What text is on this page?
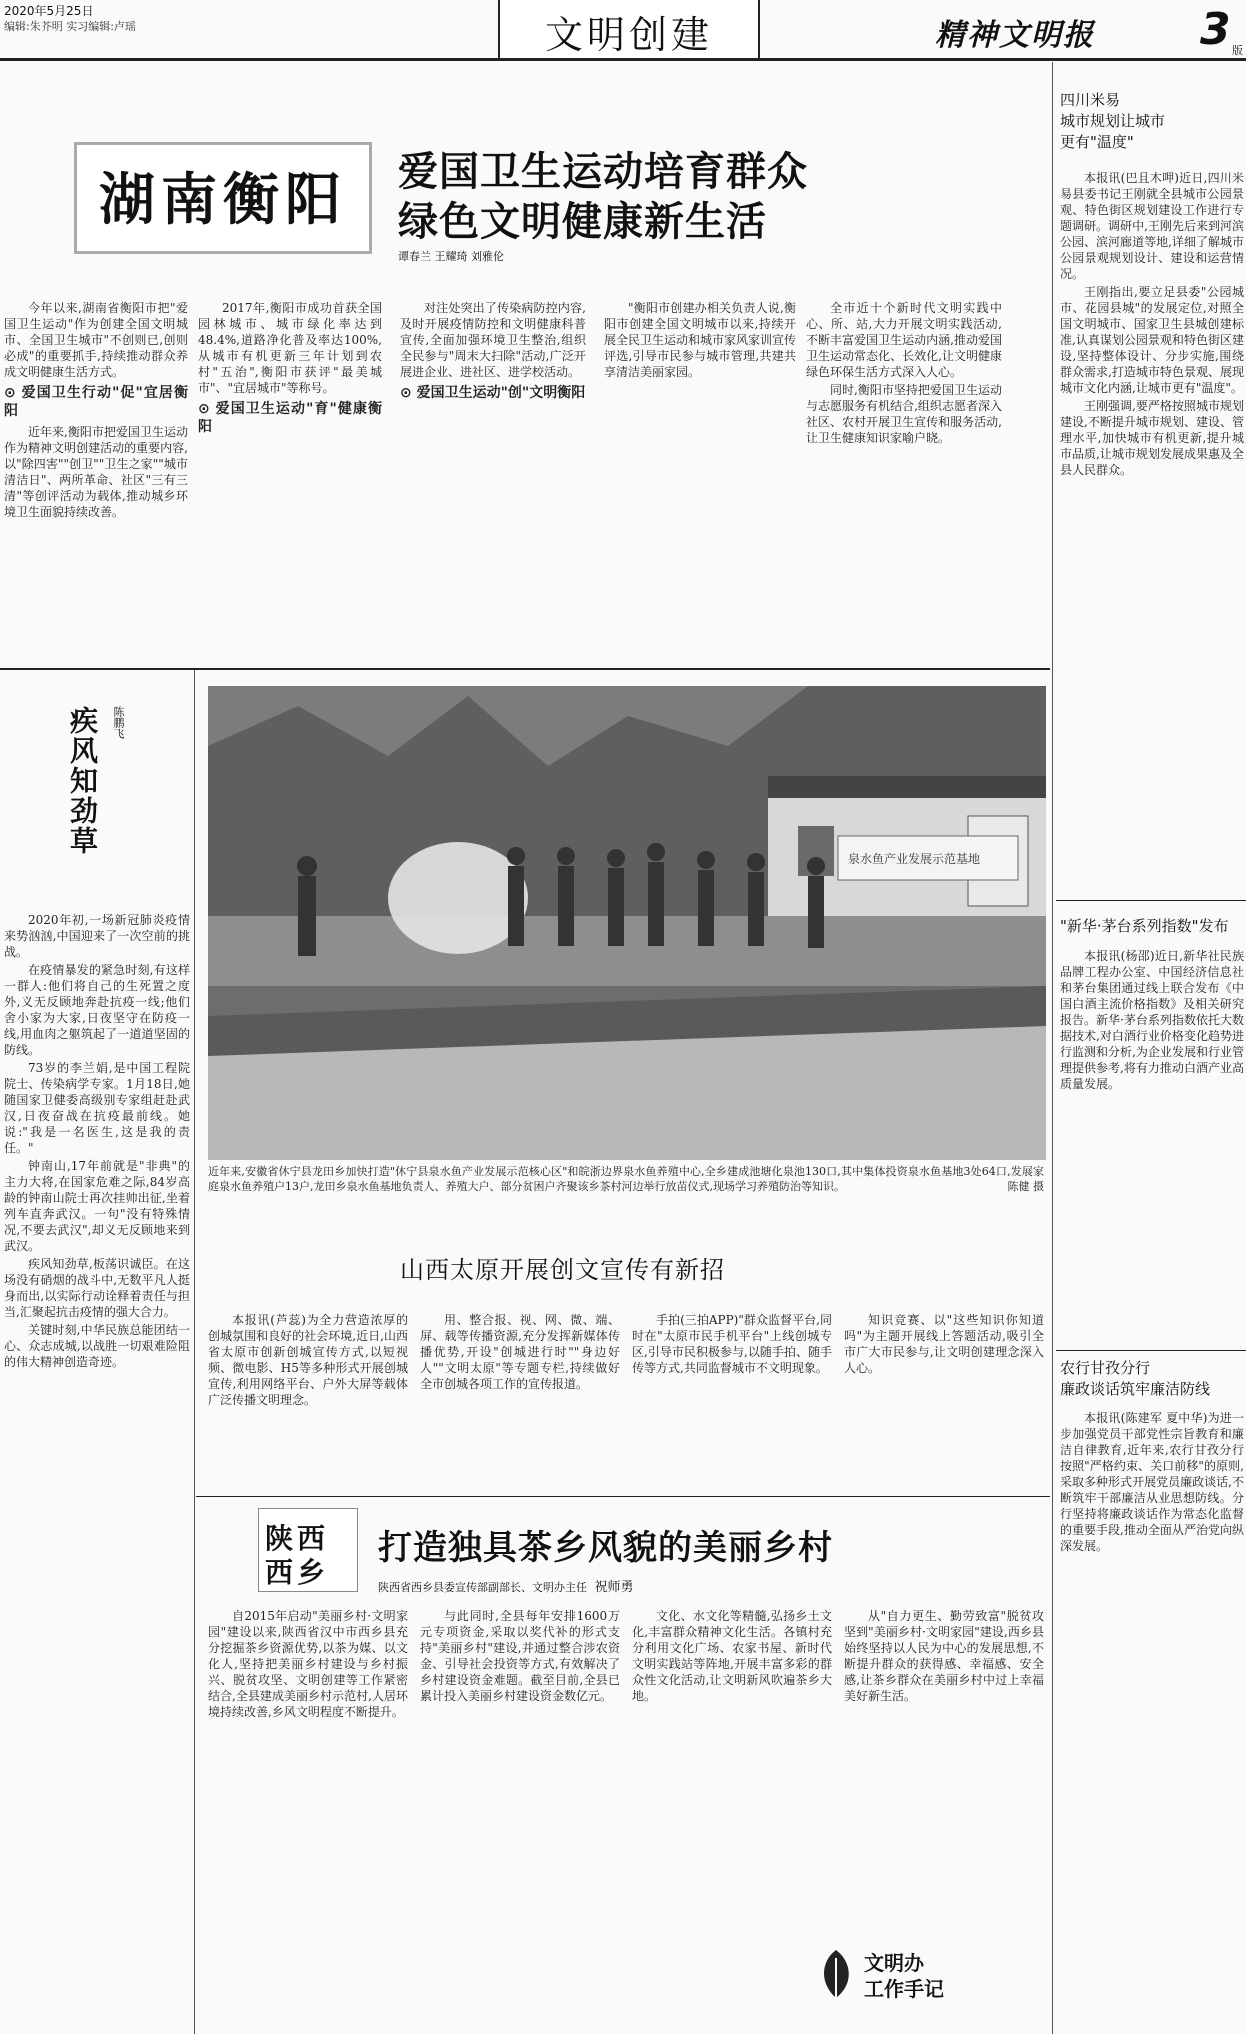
2020年5月25日
编辑:朱芥明 实习编辑:卢瑶	文明创建	精神文明报 3 版
湖南衡阳	爱国卫生运动培育群众
绿色文明健康新生活
谭春兰 王耀琦 刘雅伦

今年以来,湖南省衡阳市把"爱国卫生运动"作为创建全国文明城市、全国卫生城市"不创则已,创则必成"的重要抓手,持续推动群众养成文明健康生活方式。

⊙ 爱国卫生行动"促"宜居衡阳

近年来,衡阳市把爱国卫生运动作为精神文明创建活动的重要内容,以"除四害""创卫""卫生之家""城市清洁日"、两所革命、社区"三有三清"等创评活动为载体,推动城乡环境卫生面貌持续改善。

2017年,衡阳市成功首获全国园林城市、城市绿化率达到48.4%,道路净化普及率达100%,从城市有机更新三年计划到农村"五治",衡阳市获评"最美城市"、"宜居城市"等称号。

⊙ 爱国卫生运动"育"健康衡阳

对注处突出了传染病防控内容,及时开展疫情防控和文明健康科普宣传,全面加强环境卫生整治,组织全民参与"周末大扫除"活动,广泛开展进企业、进社区、进学校活动。

⊙ 爱国卫生运动"创"文明衡阳

"衡阳市创建办相关负责人说,衡阳市创建全国文明城市以来,持续开展全民卫生运动和城市家风家训宣传评选,引导市民参与城市管理,共建共享清洁美丽家园。

全市近十个新时代文明实践中心、所、站,大力开展文明实践活动,不断丰富爱国卫生运动内涵,推动爱国卫生运动常态化、长效化,让文明健康绿色环保生活方式深入人心。

同时,衡阳市坚持把爱国卫生运动与志愿服务有机结合,组织志愿者深入社区、农村开展卫生宣传和服务活动,让卫生健康知识家喻户晓。

四川米易
城市规划让城市
更有"温度"

本报讯(巴且木呷)近日,四川米易县委书记王刚就全县城市公园景观、特色街区规划建设工作进行专题调研。调研中,王刚先后来到河滨公园、滨河廊道等地,详细了解城市公园景观规划设计、建设和运营情况。

王刚指出,要立足县委"公园城市、花园县城"的发展定位,对照全国文明城市、国家卫生县城创建标准,认真谋划公园景观和特色街区建设,坚持整体设计、分步实施,围绕群众需求,打造城市特色景观、展现城市文化内涵,让城市更有"温度"。

王刚强调,要严格按照城市规划建设,不断提升城市规划、建设、管理水平,加快城市有机更新,提升城市品质,让城市规划发展成果惠及全县人民群众。

"新华·茅台系列指数"发布

本报讯(杨邵)近日,新华社民族品牌工程办公室、中国经济信息社和茅台集团通过线上联合发布《中国白酒主流价格指数》及相关研究报告。新华·茅台系列指数依托大数据技术,对白酒行业价格变化趋势进行监测和分析,为企业发展和行业管理提供参考,将有力推动白酒产业高质量发展。

农行甘孜分行
廉政谈话筑牢廉洁防线

本报讯(陈建军 夏中华)为进一步加强党员干部党性宗旨教育和廉洁自律教育,近年来,农行甘孜分行按照"严格约束、关口前移"的原则,采取多种形式开展党员廉政谈话,不断筑牢干部廉洁从业思想防线。分行坚持将廉政谈话作为常态化监督的重要手段,推动全面从严治党向纵深发展。

疾风知劲草 陈鹏飞

2020年初,一场新冠肺炎疫情来势汹汹,中国迎来了一次空前的挑战。

在疫情暴发的紧急时刻,有这样一群人:他们将自己的生死置之度外,义无反顾地奔赴抗疫一线;他们舍小家为大家,日夜坚守在防疫一线,用血肉之躯筑起了一道道坚固的防线。

73岁的李兰娟,是中国工程院院士、传染病学专家。1月18日,她随国家卫健委高级别专家组赶赴武汉,日夜奋战在抗疫最前线。她说:"我是一名医生,这是我的责任。"

钟南山,17年前就是"非典"的主力大将,在国家危难之际,84岁高龄的钟南山院士再次挂帅出征,坐着列车直奔武汉。一句"没有特殊情况,不要去武汉",却义无反顾地来到武汉。

疾风知劲草,板荡识诚臣。在这场没有硝烟的战斗中,无数平凡人挺身而出,以实际行动诠释着责任与担当,汇聚起抗击疫情的强大合力。

关键时刻,中华民族总能团结一心、众志成城,以战胜一切艰难险阻的伟大精神创造奇迹。

泉水鱼产业发展示范基地
近年来,安徽省休宁县龙田乡加快打造"休宁县泉水鱼产业发展示范核心区"和皖浙边界泉水鱼养殖中心,全乡建成池塘化泉池130口,其中集体投资泉水鱼基地3处64口,发展家庭泉水鱼养殖户13户,龙田乡泉水鱼基地负责人、养殖大户、部分贫困户齐聚该乡茶村河边举行放苗仪式,现场学习养殖防治等知识。	陈健 摄
山西太原开展创文宣传有新招

本报讯(芦蕊)为全力营造浓厚的创城氛围和良好的社会环境,近日,山西省太原市创新创城宣传方式,以短视频、微电影、H5等多种形式开展创城宣传,利用网络平台、户外大屏等载体广泛传播文明理念。

用、整合报、视、网、微、端、屏、载等传播资源,充分发挥新媒体传播优势,开设"创城进行时""身边好人""文明太原"等专题专栏,持续做好全市创城各项工作的宣传报道。

手拍(三拍APP)"群众监督平台,同时在"太原市民手机平台"上线创城专区,引导市民积极参与,以随手拍、随手传等方式,共同监督城市不文明现象。

知识竞赛、以"这些知识你知道吗"为主题开展线上答题活动,吸引全市广大市民参与,让文明创建理念深入人心。

陕西
西乡
打造独具茶乡风貌的美丽乡村
陕西省西乡县委宣传部副部长、文明办主任 祝师勇

自2015年启动"美丽乡村·文明家园"建设以来,陕西省汉中市西乡县充分挖掘茶乡资源优势,以茶为媒、以文化人,坚持把美丽乡村建设与乡村振兴、脱贫攻坚、文明创建等工作紧密结合,全县建成美丽乡村示范村,人居环境持续改善,乡风文明程度不断提升。

与此同时,全县每年安排1600万元专项资金,采取以奖代补的形式支持"美丽乡村"建设,并通过整合涉农资金、引导社会投资等方式,有效解决了乡村建设资金难题。截至目前,全县已累计投入美丽乡村建设资金数亿元。

文化、水文化等精髓,弘扬乡土文化,丰富群众精神文化生活。各镇村充分利用文化广场、农家书屋、新时代文明实践站等阵地,开展丰富多彩的群众性文化活动,让文明新风吹遍茶乡大地。

从"自力更生、勤劳致富"脱贫攻坚到"美丽乡村·文明家园"建设,西乡县始终坚持以人民为中心的发展思想,不断提升群众的获得感、幸福感、安全感,让茶乡群众在美丽乡村中过上幸福美好新生活。

文明办
工作手记
